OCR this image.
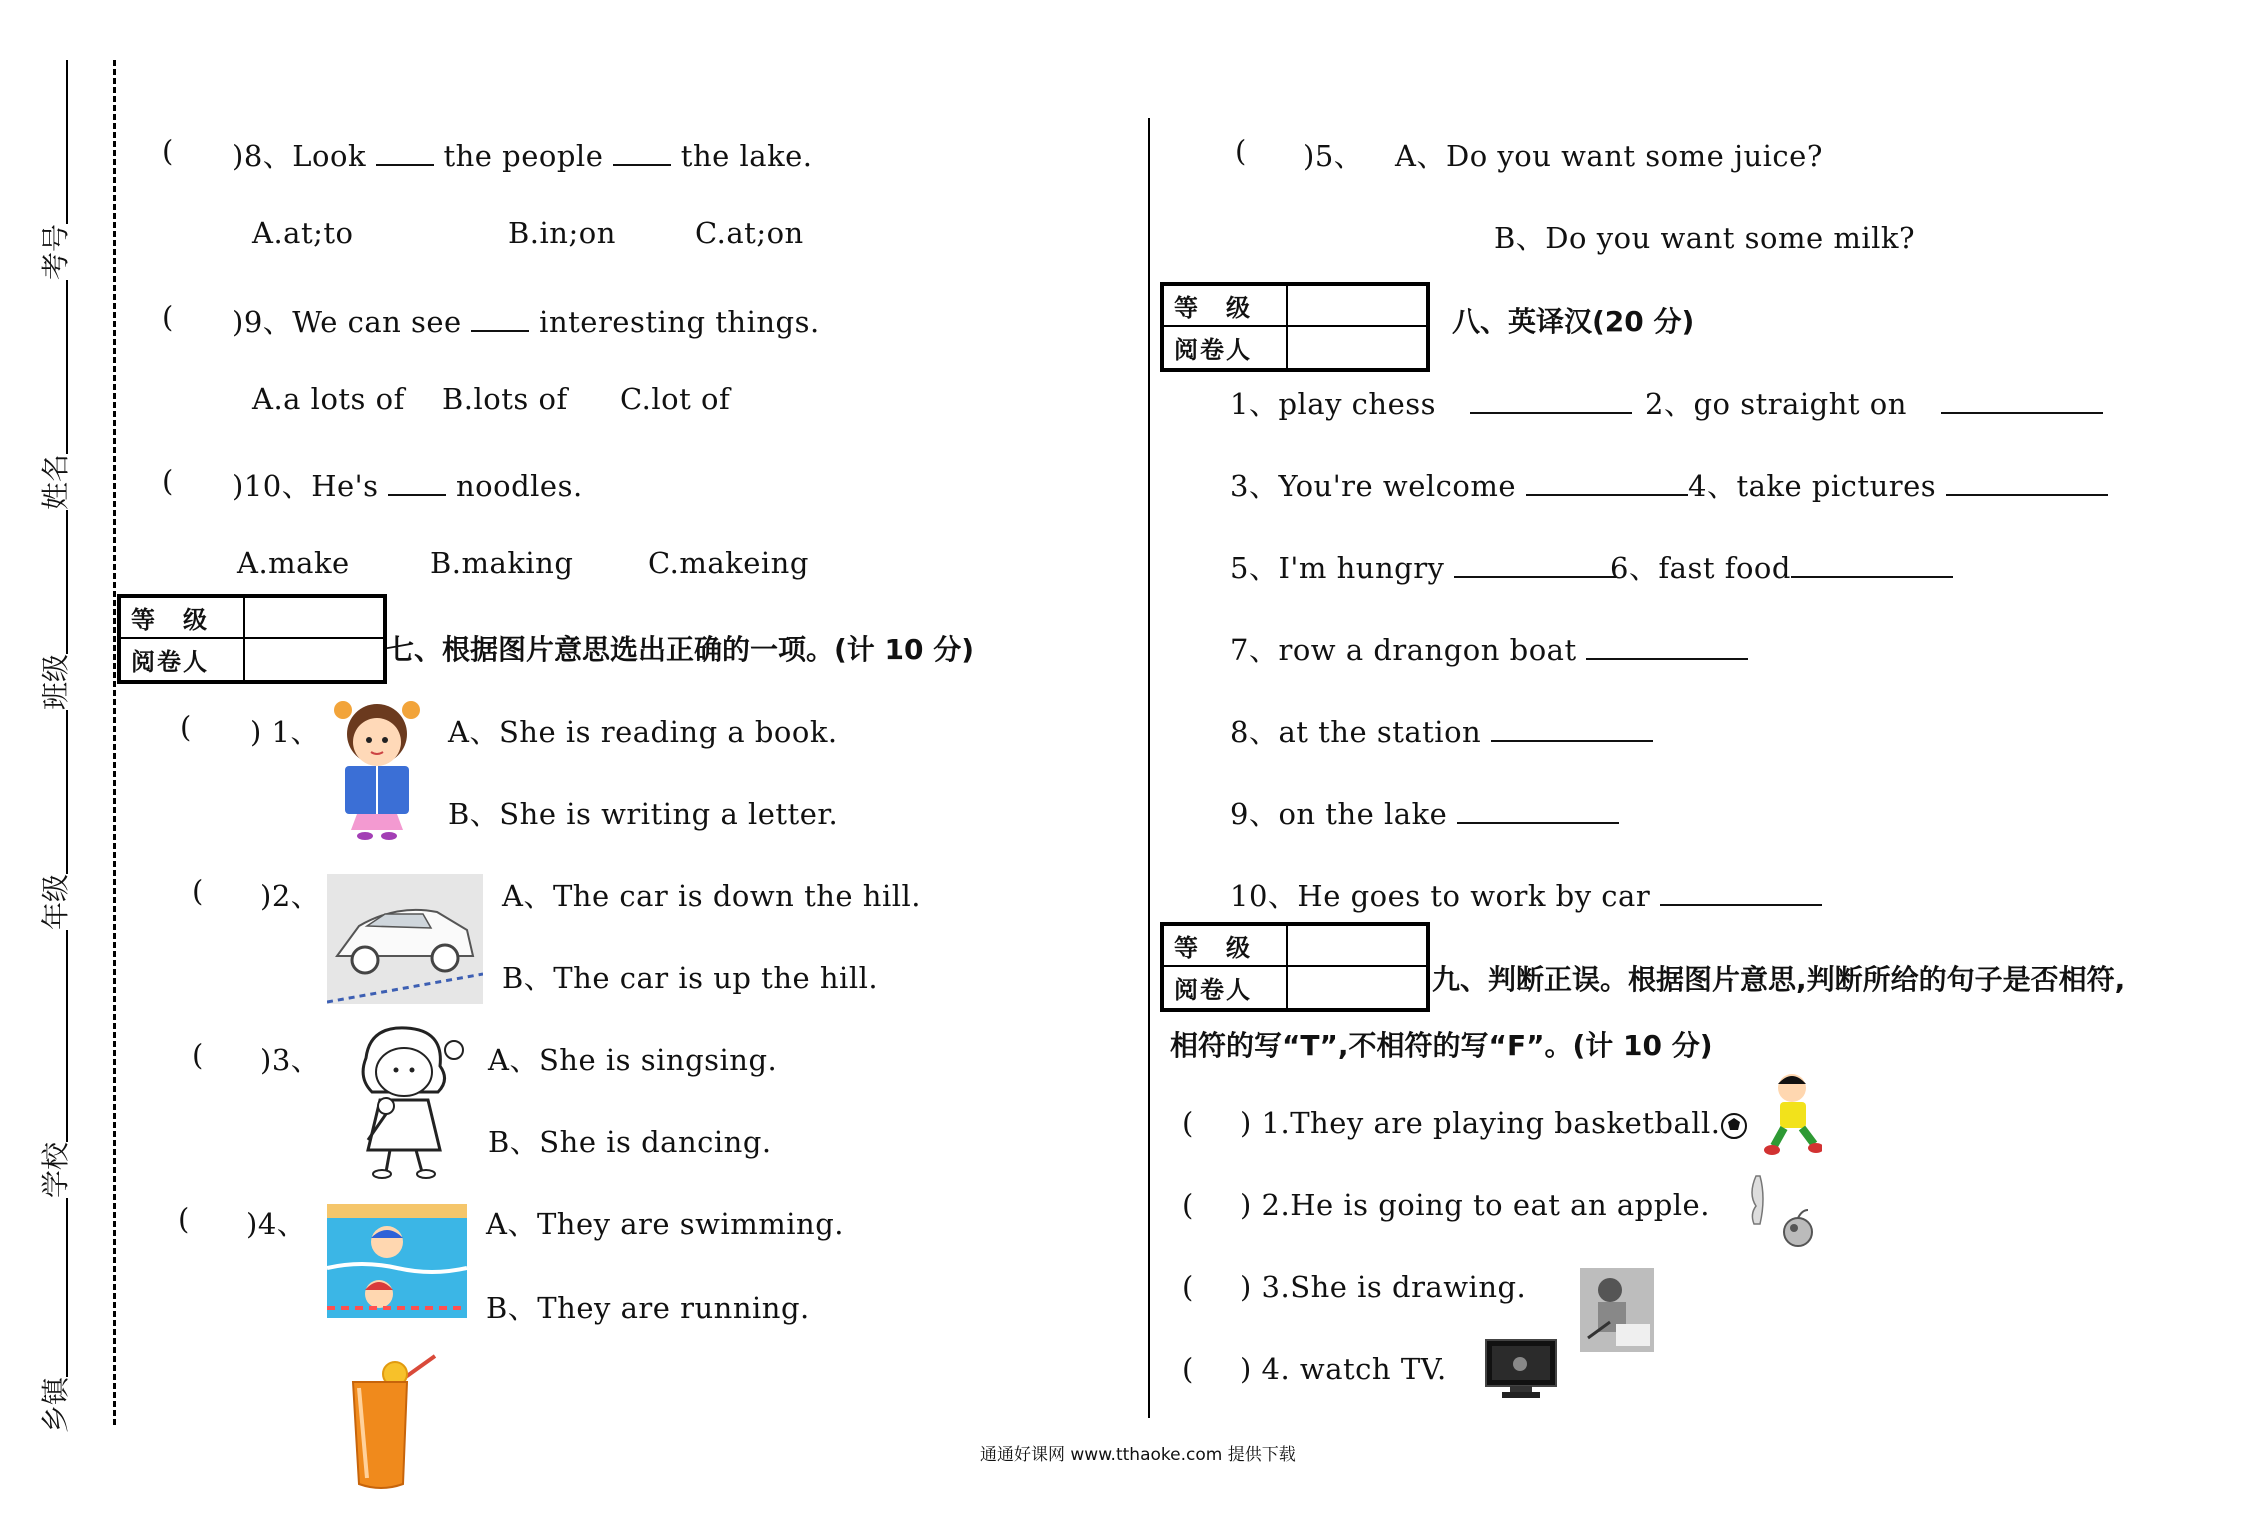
考号
姓名
班级
年级
学校
乡镇
( )8、Look	the people	the lake.
A.at;to	B.in;on	C.at;on
( )9、We can see	interesting things.
A.a lots of B.lots of C.lot of
( )10、He's	noodles.
A.make	B.making	C.makeing
等　级
阅卷人	七、根据图片意思选出正确的一项。(计 10 分)
( ) 1、	A、She is reading a book.
B、She is writing a letter.
( )2、	A、The car is down the hill.
B、The car is up the hill.
( )3、	A、She is singsing.
B、She is dancing.
( )4、	A、They are swimming.
B、They are running.
( )5、 A、Do you want some juice?
B、Do you want some milk?
等　级
阅卷人
八、英译汉(20 分)
1、play chess	2、go straight on
3、You're welcome	4、take pictures
5、I'm hungry	6、fast food
7、row a drangon boat
8、at the station
9、on the lake
10、He goes to work by car
等　级
阅卷人	九、判断正误。根据图片意思,判断所给的句子是否相符,
相符的写“T”,不相符的写“F”。(计 10 分)
( ) 1.They are playing basketball.
( ) 2.He is going to eat an apple.
( ) 3.She is drawing.
( ) 4. watch TV.
通通好课网 www.tthaoke.com 提供下载
